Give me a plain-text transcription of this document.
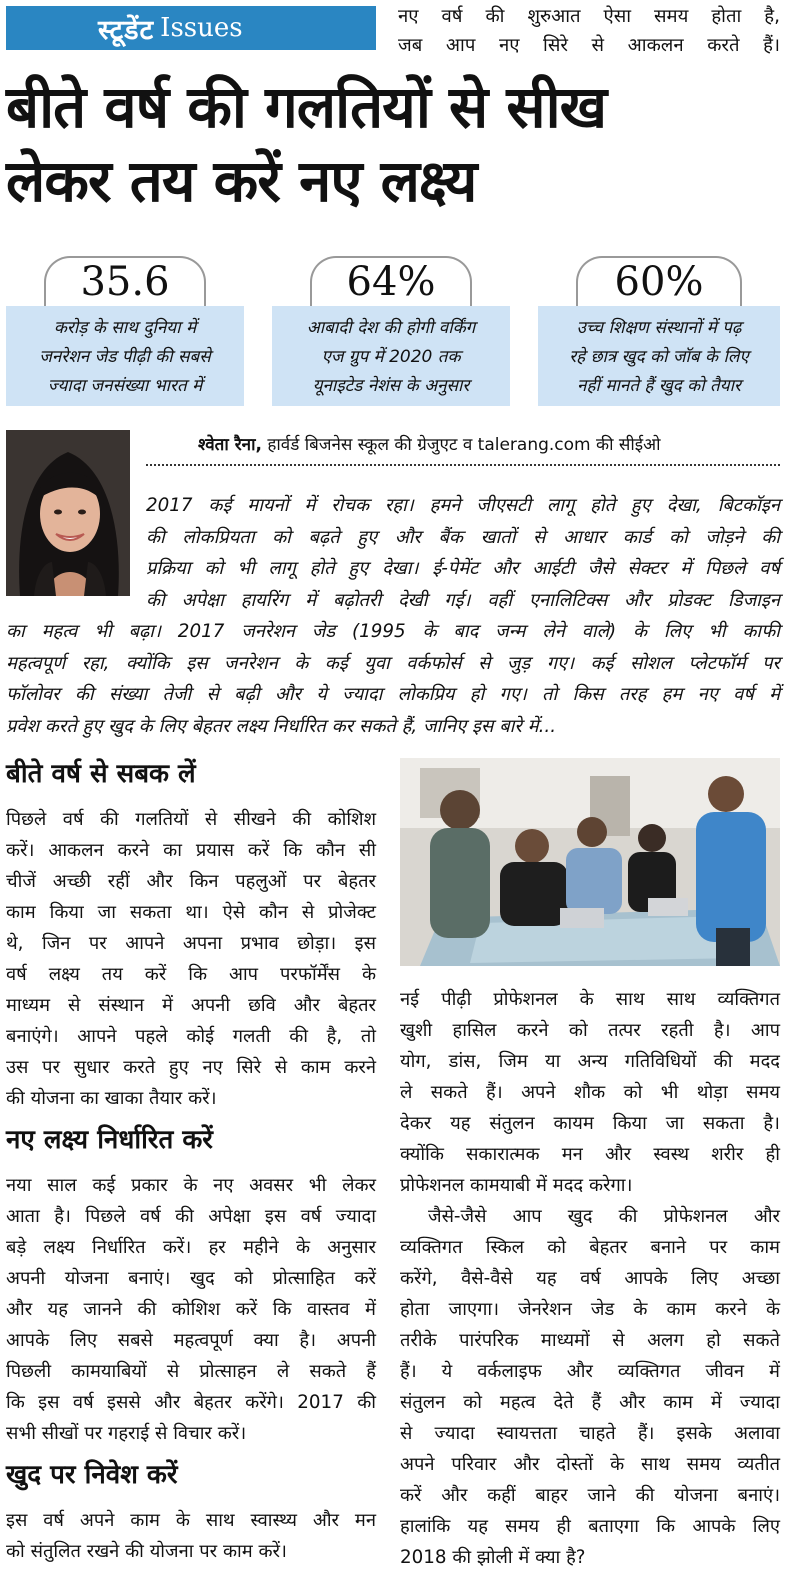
स्टूडेंट Issues	नए वर्ष की शुरुआत ऐसा समय होता है,
जब आप नए सिरे से आकलन करते हैं।
बीते वर्ष की गलतियों से सीख
लेकर तय करें नए लक्ष्य
35.6
करोड़ के साथ दुनिया में
जनरेशन जेड पीढ़ी की सबसे
ज्यादा जनसंख्या भारत में
64%
आबादी देश की होगी वर्किंग
एज ग्रुप में 2020 तक
यूनाइटेड नेशंस के अनुसार
60%
उच्च शिक्षण संस्थानों में पढ़
रहे छात्र खुद को जॉब के लिए
नहीं मानते हैं खुद को तैयार
श्वेता रैना, हार्वर्ड बिजनेस स्कूल की ग्रेजुएट व talerang.com की सीईओ
2017 कई मायनों में रोचक रहा। हमने जीएसटी लागू होते हुए देखा, बिटकॉइन
की लोकप्रियता को बढ़ते हुए और बैंक खातों से आधार कार्ड को जोड़ने की
प्रक्रिया को भी लागू होते हुए देखा। ई-पेमेंट और आईटी जैसे सेक्टर में पिछले वर्ष
की अपेक्षा हायरिंग में बढ़ोतरी देखी गई। वहीं एनालिटिक्स और प्रोडक्ट डिजाइन
का महत्व भी बढ़ा। 2017 जनरेशन जेड (1995 के बाद जन्म लेने वाले) के लिए भी काफी
महत्वपूर्ण रहा, क्योंकि इस जनरेशन के कई युवा वर्कफोर्स से जुड़ गए। कई सोशल प्लेटफॉर्म पर
फॉलोवर की संख्या तेजी से बढ़ी और ये ज्यादा लोकप्रिय हो गए। तो किस तरह हम नए वर्ष में
प्रवेश करते हुए खुद के लिए बेहतर लक्ष्य निर्धारित कर सकते हैं, जानिए इस बारे में...
बीते वर्ष से सबक लें
पिछले वर्ष की गलतियों से सीखने की कोशिश
करें। आकलन करने का प्रयास करें कि कौन सी
चीजें अच्छी रहीं और किन पहलुओं पर बेहतर
काम किया जा सकता था। ऐसे कौन से प्रोजेक्ट
थे, जिन पर आपने अपना प्रभाव छोड़ा। इस
वर्ष लक्ष्य तय करें कि आप परफॉर्मेंस के
माध्यम से संस्थान में अपनी छवि और बेहतर
बनाएंगे। आपने पहले कोई गलती की है, तो
उस पर सुधार करते हुए नए सिरे से काम करने
की योजना का खाका तैयार करें।
नए लक्ष्य निर्धारित करें
नया साल कई प्रकार के नए अवसर भी लेकर
आता है। पिछले वर्ष की अपेक्षा इस वर्ष ज्यादा
बड़े लक्ष्य निर्धारित करें। हर महीने के अनुसार
अपनी योजना बनाएं। खुद को प्रोत्साहित करें
और यह जानने की कोशिश करें कि वास्तव में
आपके लिए सबसे महत्वपूर्ण क्या है। अपनी
पिछली कामयाबियों से प्रोत्साहन ले सकते हैं
कि इस वर्ष इससे और बेहतर करेंगे। 2017 की
सभी सीखों पर गहराई से विचार करें।
खुद पर निवेश करें
इस वर्ष अपने काम के साथ स्वास्थ्य और मन
को संतुलित रखने की योजना पर काम करें।
नई पीढ़ी प्रोफेशनल के साथ साथ व्यक्तिगत
खुशी हासिल करने को तत्पर रहती है। आप
योग, डांस, जिम या अन्य गतिविधियों की मदद
ले सकते हैं। अपने शौक को भी थोड़ा समय
देकर यह संतुलन कायम किया जा सकता है।
क्योंकि सकारात्मक मन और स्वस्थ शरीर ही
प्रोफेशनल कामयाबी में मदद करेगा।
जैसे-जैसे आप खुद की प्रोफेशनल और
व्यक्तिगत स्किल को बेहतर बनाने पर काम
करेंगे, वैसे-वैसे यह वर्ष आपके लिए अच्छा
होता जाएगा। जेनरेशन जेड के काम करने के
तरीके पारंपरिक माध्यमों से अलग हो सकते
हैं। ये वर्कलाइफ और व्यक्तिगत जीवन में
संतुलन को महत्व देते हैं और काम में ज्यादा
से ज्यादा स्वायत्तता चाहते हैं। इसके अलावा
अपने परिवार और दोस्तों के साथ समय व्यतीत
करें और कहीं बाहर जाने की योजना बनाएं।
हालांकि यह समय ही बताएगा कि आपके लिए
2018 की झोली में क्या है?
